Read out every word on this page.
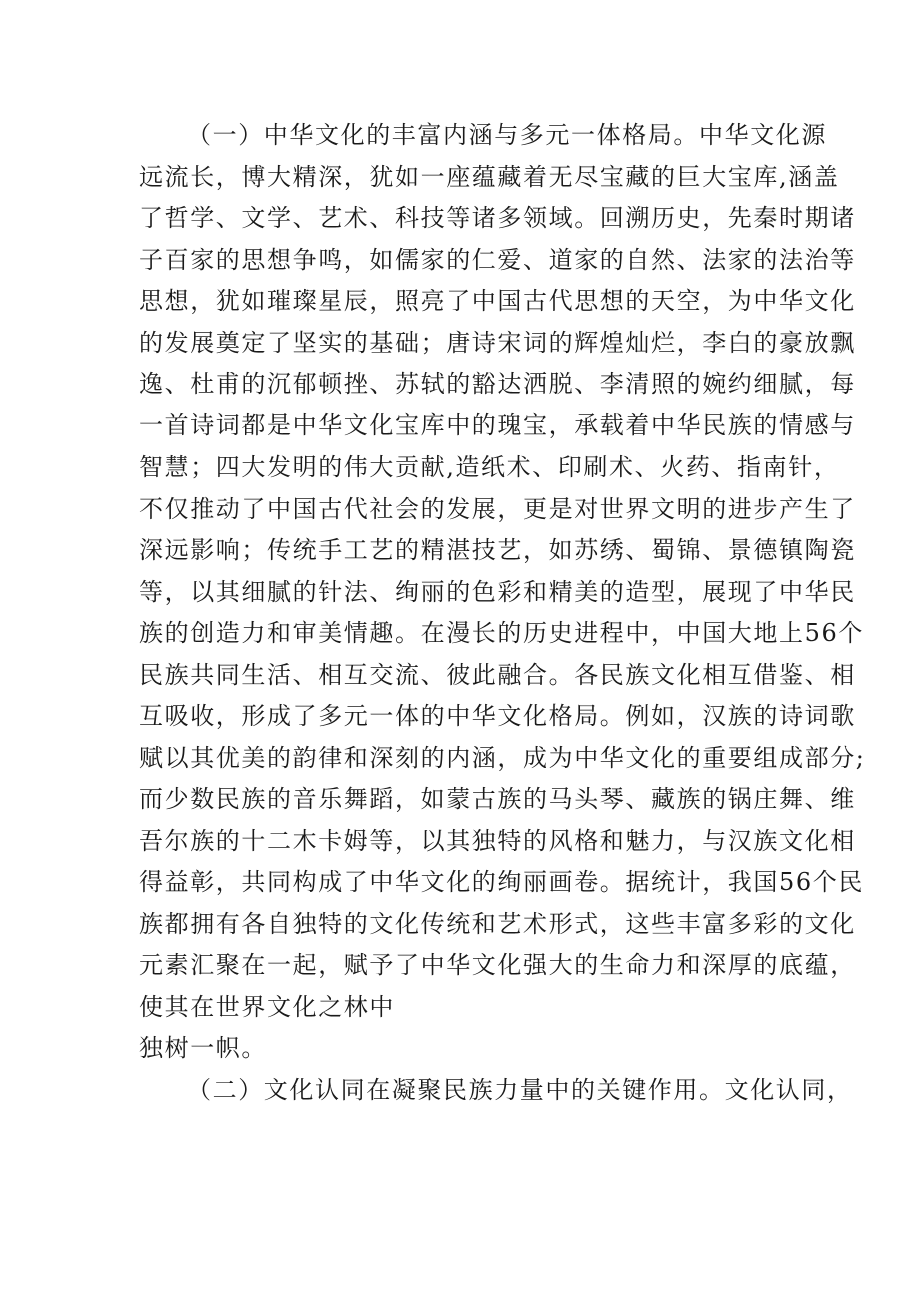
（一）中华文化的丰富内涵与多元一体格局。中华文化源

远流长，博大精深，犹如一座蕴藏着无尽宝藏的巨大宝库,涵盖

了哲学、文学、艺术、科技等诸多领域。回溯历史，先秦时期诸

子百家的思想争鸣，如儒家的仁爱、道家的自然、法家的法治等

思想，犹如璀璨星辰，照亮了中国古代思想的天空，为中华文化

的发展奠定了坚实的基础；唐诗宋词的辉煌灿烂，李白的豪放飘

逸、杜甫的沉郁顿挫、苏轼的豁达洒脱、李清照的婉约细腻，每

一首诗词都是中华文化宝库中的瑰宝，承载着中华民族的情感与

智慧；四大发明的伟大贡献,造纸术、印刷术、火药、指南针，

不仅推动了中国古代社会的发展，更是对世界文明的进步产生了

深远影响；传统手工艺的精湛技艺，如苏绣、蜀锦、景德镇陶瓷

等，以其细腻的针法、绚丽的色彩和精美的造型，展现了中华民

族的创造力和审美情趣。在漫长的历史进程中，中国大地上56个

民族共同生活、相互交流、彼此融合。各民族文化相互借鉴、相

互吸收，形成了多元一体的中华文化格局。例如，汉族的诗词歌

赋以其优美的韵律和深刻的内涵，成为中华文化的重要组成部分;

而少数民族的音乐舞蹈，如蒙古族的马头琴、藏族的锅庄舞、维

吾尔族的十二木卡姆等，以其独特的风格和魅力，与汉族文化相

得益彰，共同构成了中华文化的绚丽画卷。据统计，我国56个民

族都拥有各自独特的文化传统和艺术形式，这些丰富多彩的文化

元素汇聚在一起，赋予了中华文化强大的生命力和深厚的底蕴，

使其在世界文化之林中

独树一帜。

（二）文化认同在凝聚民族力量中的关键作用。文化认同，
